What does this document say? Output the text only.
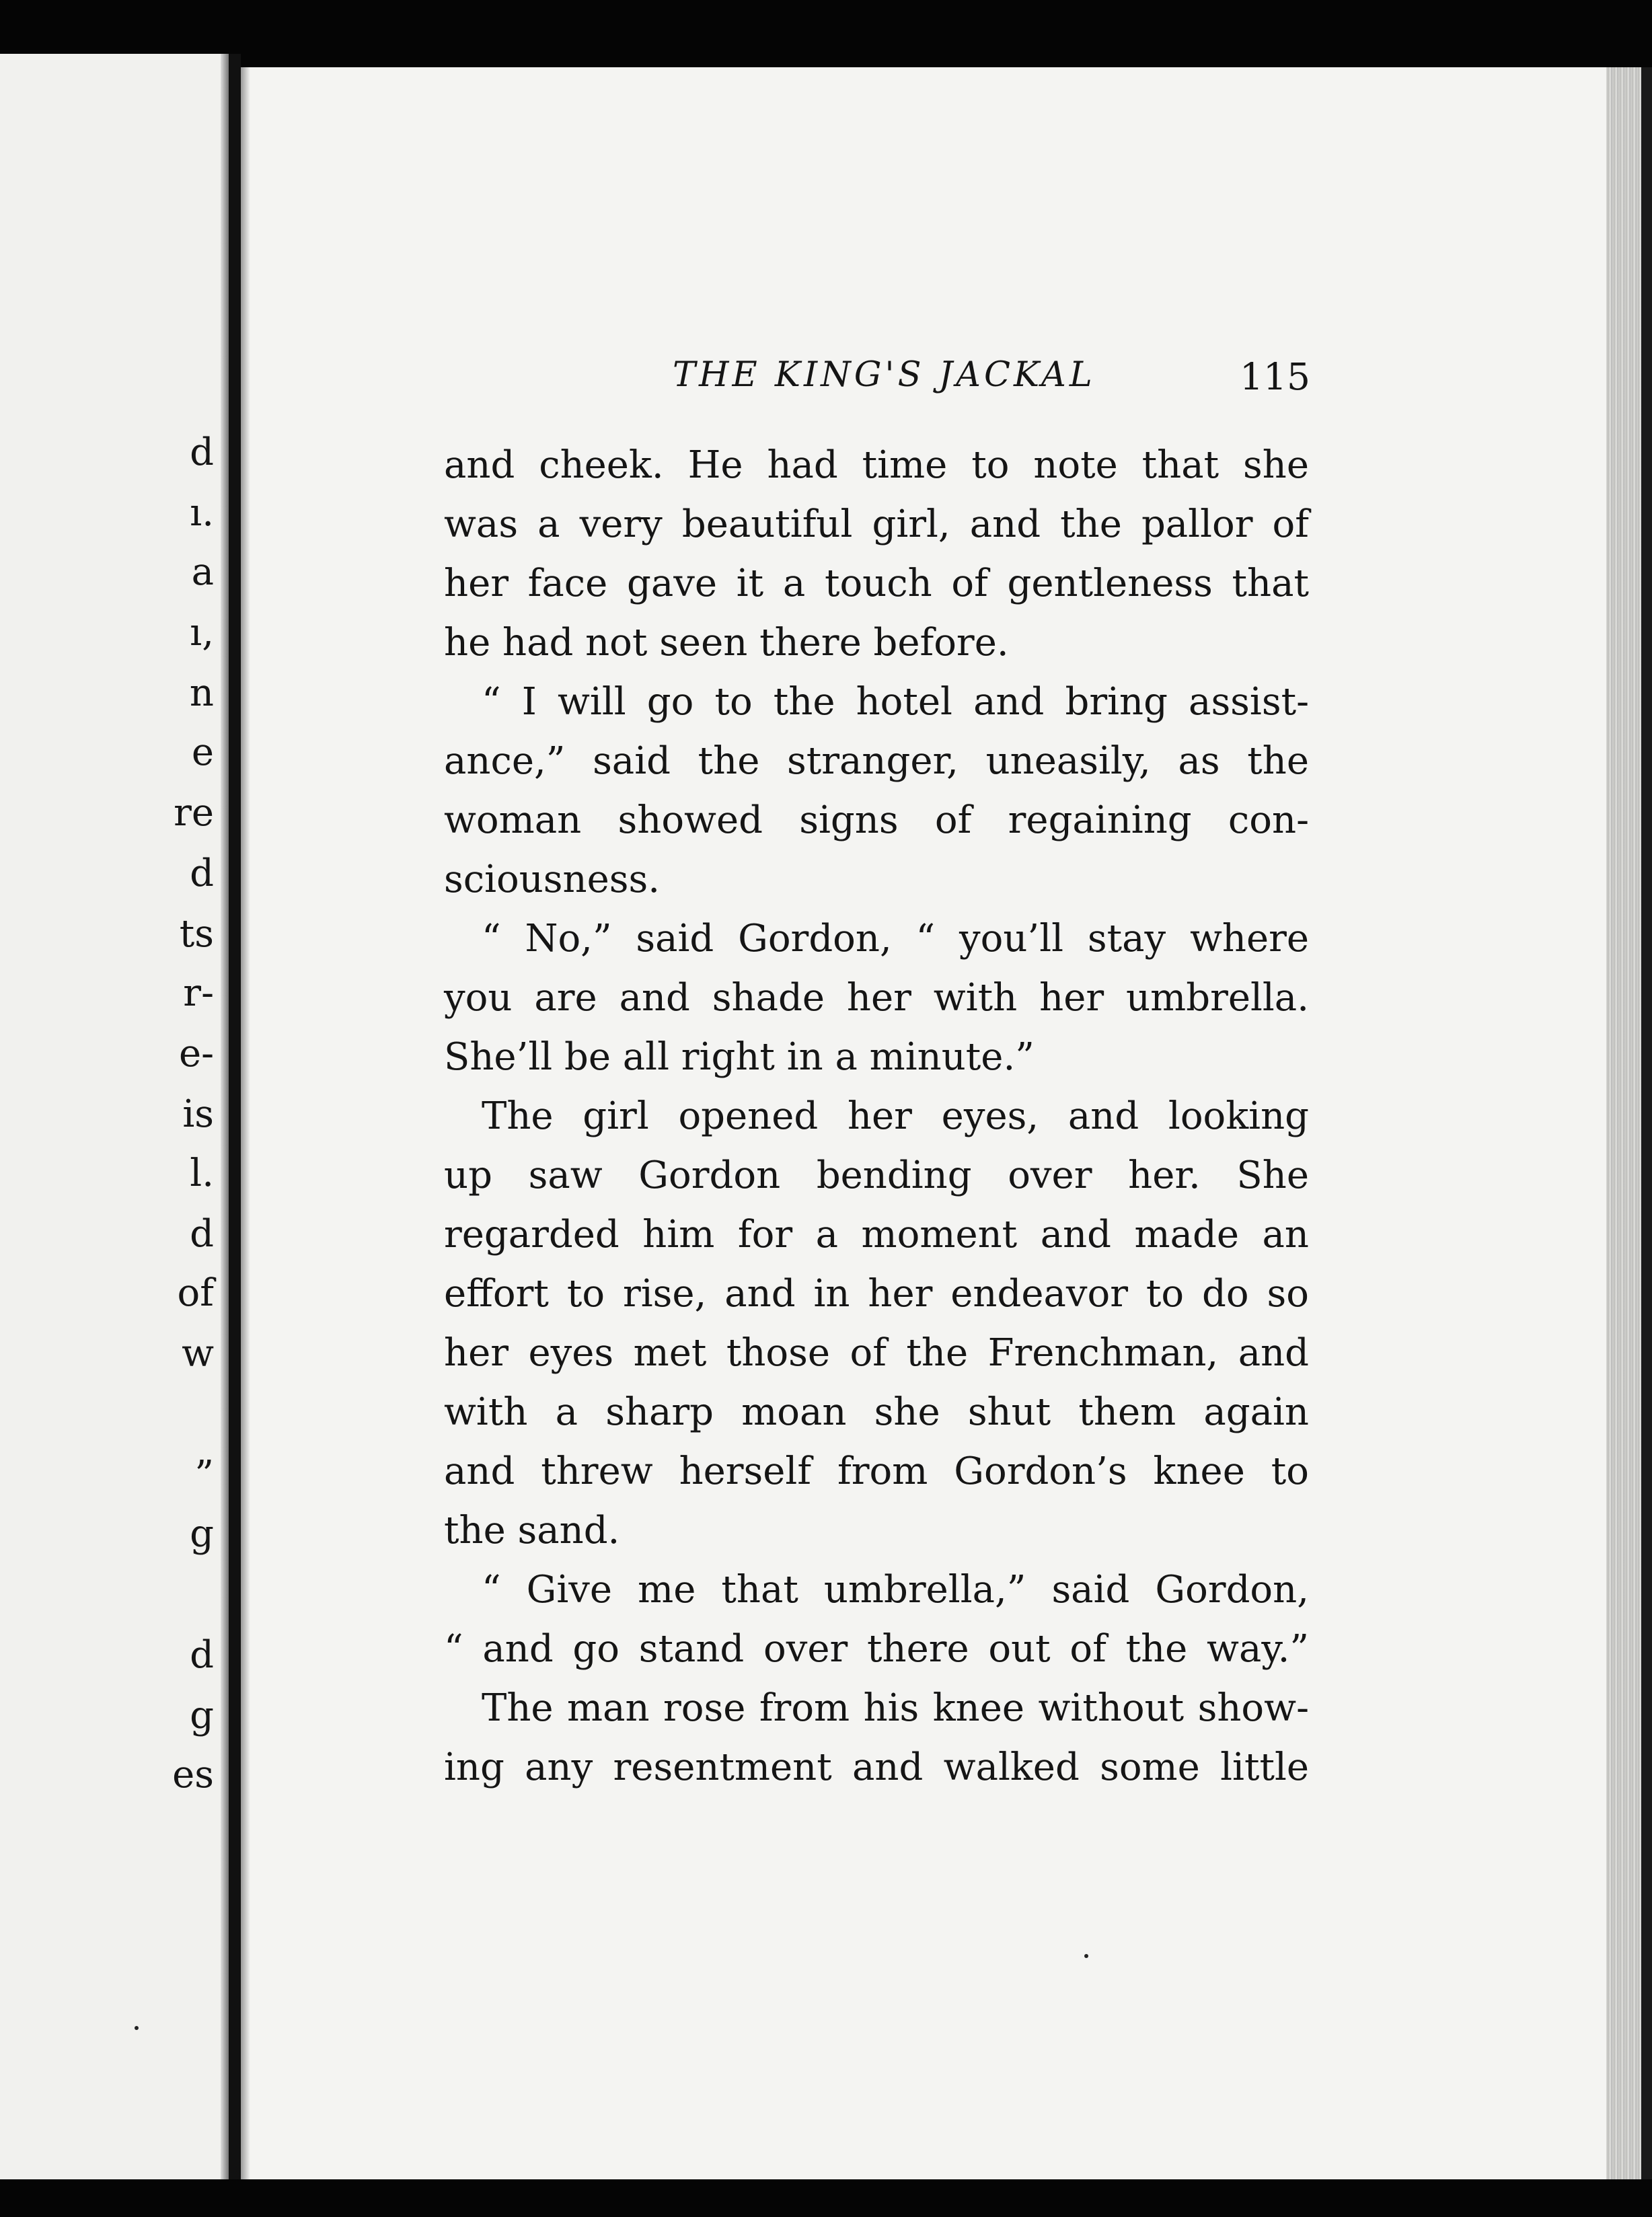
d
ı.
a
ı,
n
e
re
d
ts
r-
e-
is
l.
d
of
w
”
g
d
g
es
THE KING'S JACKAL	115
and cheek. He had time to note that she
was a very beautiful girl, and the pallor of
her face gave it a touch of gentleness that
he had not seen there before.
“ I will go to the hotel and bring assist-
ance,” said the stranger, uneasily, as the
woman showed signs of regaining con-
sciousness.
“ No,” said Gordon, “ you’ll stay where
you are and shade her with her umbrella.
She’ll be all right in a minute.”
The girl opened her eyes, and looking
up saw Gordon bending over her. She
regarded him for a moment and made an
effort to rise, and in her endeavor to do so
her eyes met those of the Frenchman, and
with a sharp moan she shut them again
and threw herself from Gordon’s knee to
the sand.
“ Give me that umbrella,” said Gordon,
“ and go stand over there out of the way.”
The man rose from his knee without show-
ing any resentment and walked some little
